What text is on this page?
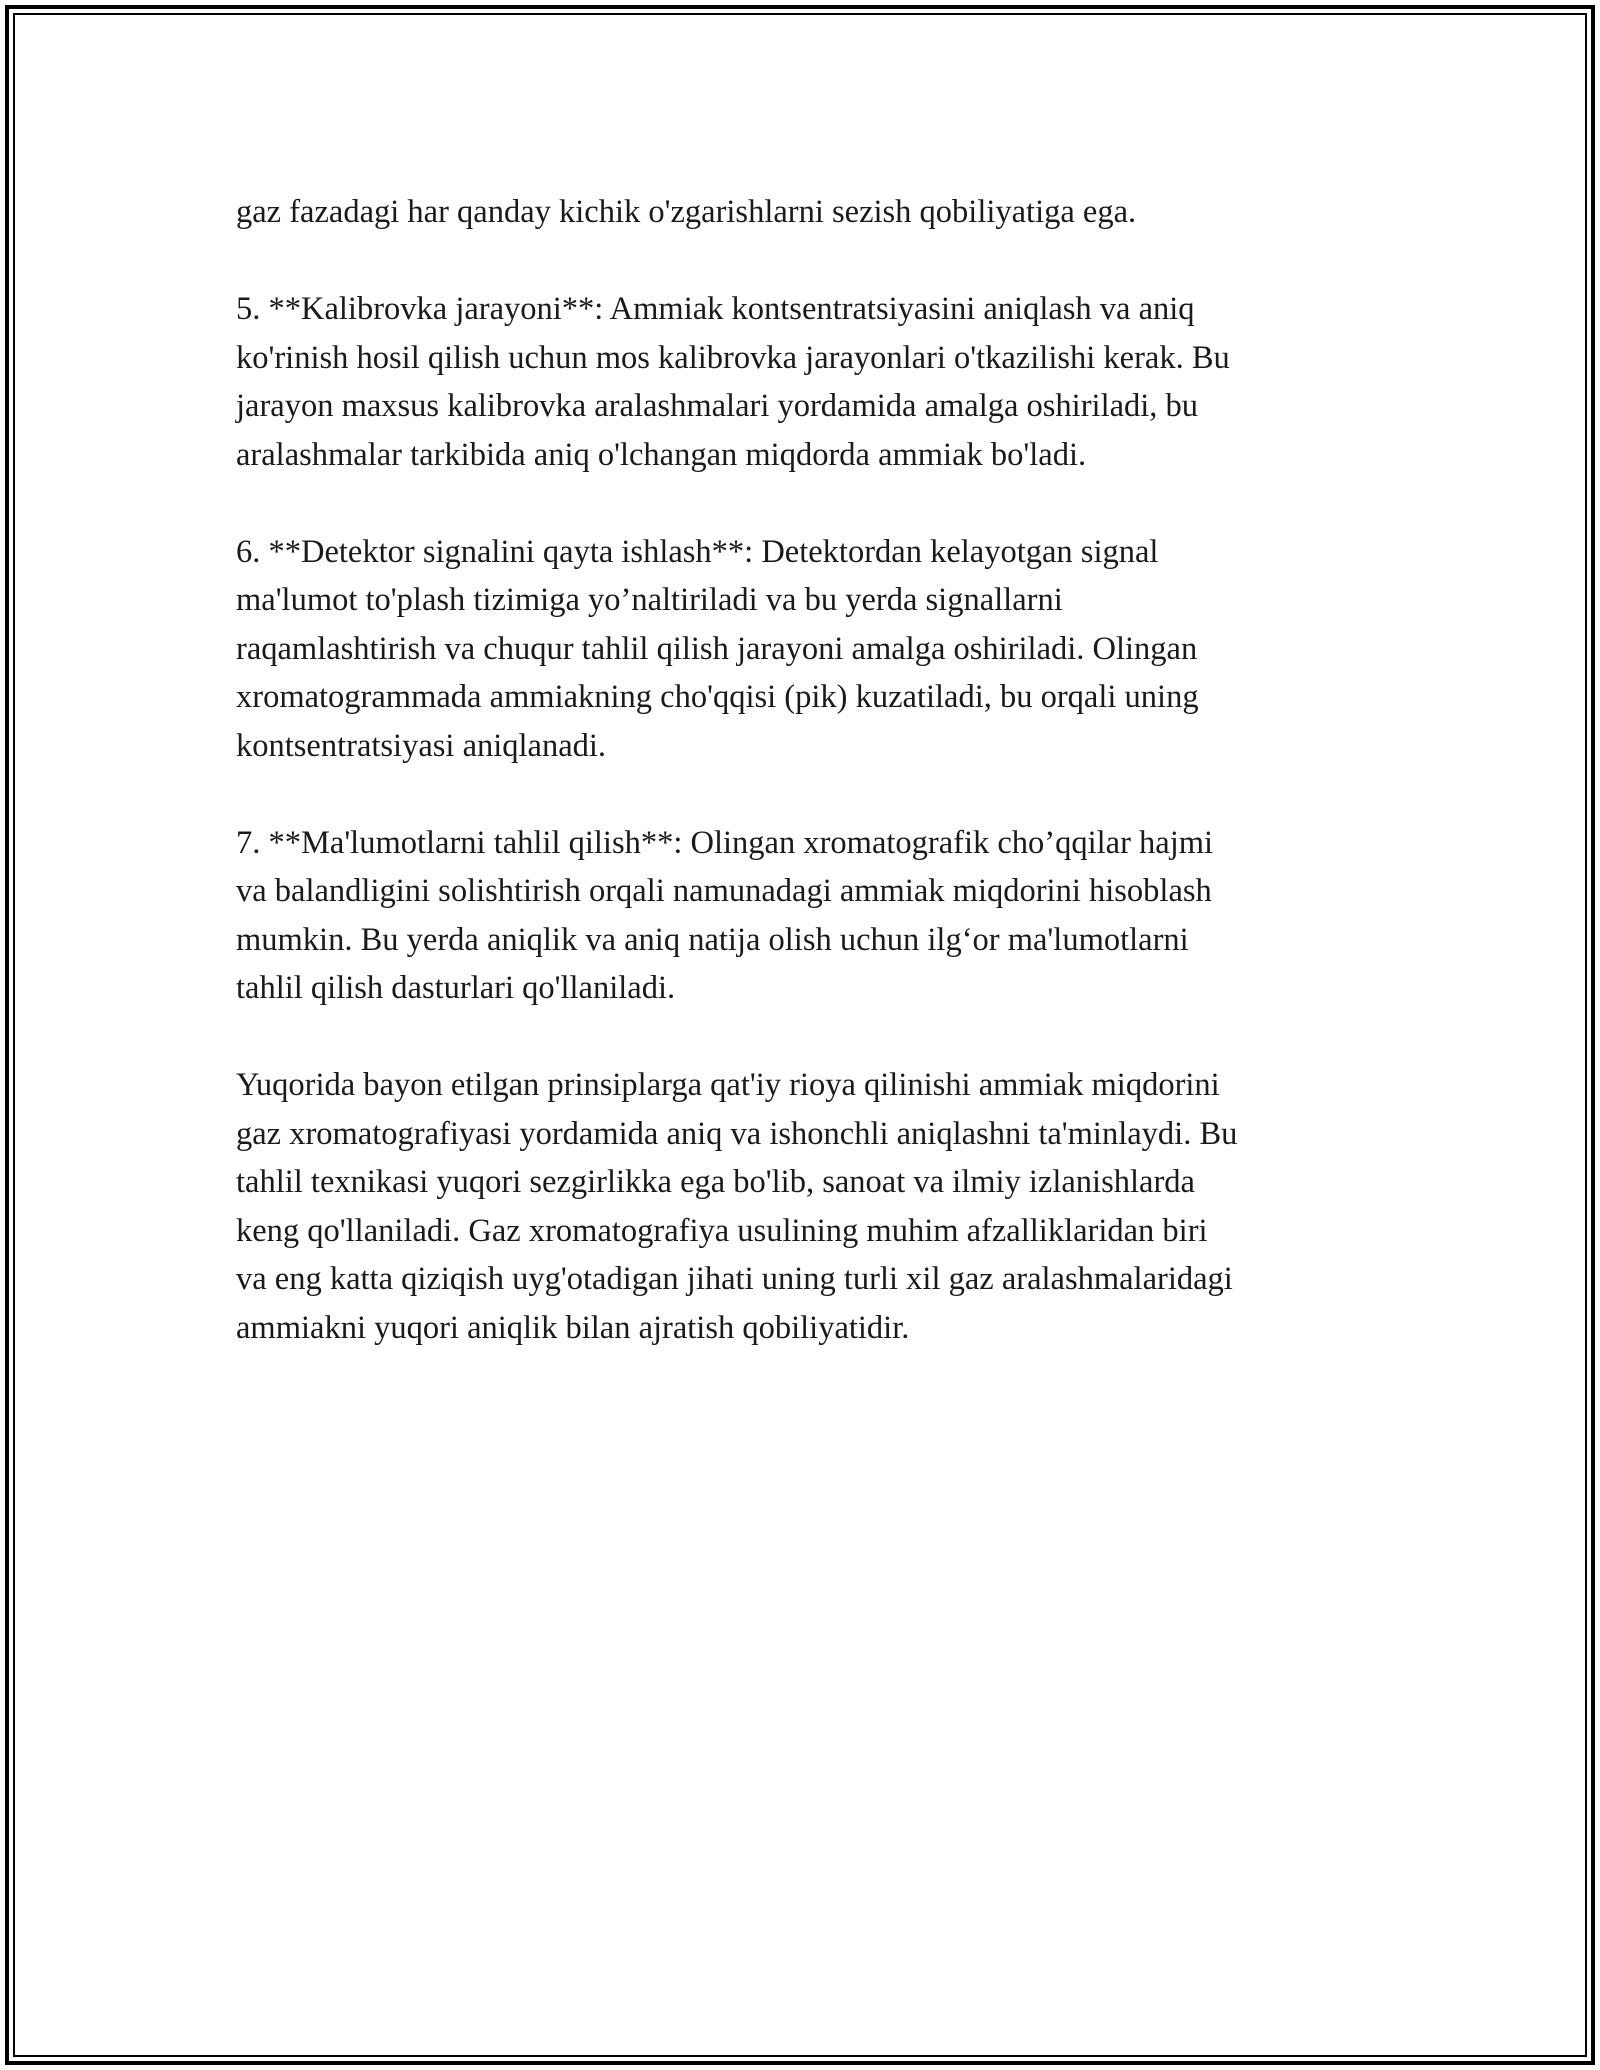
gaz fazadagi har qanday kichik o'zgarishlarni sezish qobiliyatiga ega.
5. **Kalibrovka jarayoni**: Ammiak kontsentratsiyasini aniqlash va aniq
ko'rinish hosil qilish uchun mos kalibrovka jarayonlari o'tkazilishi kerak. Bu
jarayon maxsus kalibrovka aralashmalari yordamida amalga oshiriladi, bu
aralashmalar tarkibida aniq o'lchangan miqdorda ammiak bo'ladi.
6. **Detektor signalini qayta ishlash**: Detektordan kelayotgan signal
ma'lumot to'plash tizimiga yo’naltiriladi va bu yerda signallarni
raqamlashtirish va chuqur tahlil qilish jarayoni amalga oshiriladi. Olingan
xromatogrammada ammiakning cho'qqisi (pik) kuzatiladi, bu orqali uning
kontsentratsiyasi aniqlanadi.
7. **Ma'lumotlarni tahlil qilish**: Olingan xromatografik cho’qqilar hajmi
va balandligini solishtirish orqali namunadagi ammiak miqdorini hisoblash
mumkin. Bu yerda aniqlik va aniq natija olish uchun ilg‘or ma'lumotlarni
tahlil qilish dasturlari qo'llaniladi.
Yuqorida bayon etilgan prinsiplarga qat'iy rioya qilinishi ammiak miqdorini
gaz xromatografiyasi yordamida aniq va ishonchli aniqlashni ta'minlaydi. Bu
tahlil texnikasi yuqori sezgirlikka ega bo'lib, sanoat va ilmiy izlanishlarda
keng qo'llaniladi. Gaz xromatografiya usulining muhim afzalliklaridan biri
va eng katta qiziqish uyg'otadigan jihati uning turli xil gaz aralashmalaridagi
ammiakni yuqori aniqlik bilan ajratish qobiliyatidir.
